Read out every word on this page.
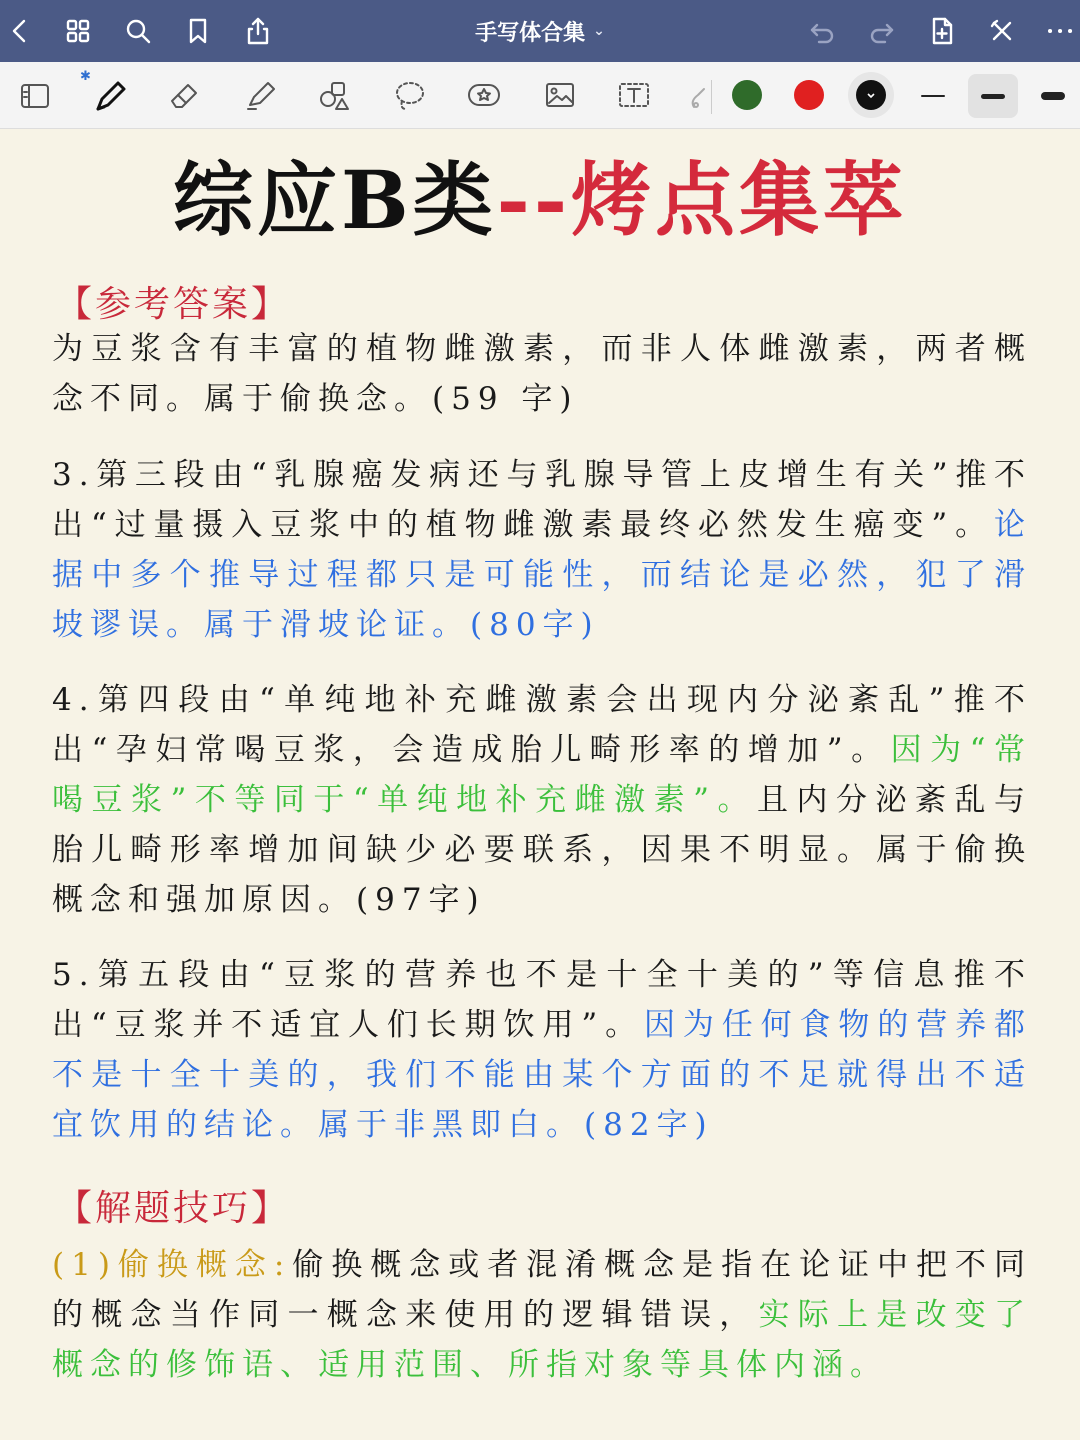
手写体合集 ⌄
✱
综应B类--烤点集萃
【参考答案】
为豆浆含有丰富的植物雌激素，而非人体雌激素，两者概念不同。属于偷换念。(59 字)
3.第三段由“乳腺癌发病还与乳腺导管上皮增生有关”推不出“过量摄入豆浆中的植物雌激素最终必然发生癌变”。论据中多个推导过程都只是可能性，而结论是必然，犯了滑坡谬误。属于滑坡论证。(80字)
4.第四段由“单纯地补充雌激素会出现内分泌紊乱”推不出“孕妇常喝豆浆，会造成胎儿畸形率的增加”。因为“常喝豆浆”不等同于“单纯地补充雌激素”。且内分泌紊乱与胎儿畸形率增加间缺少必要联系，因果不明显。属于偷换概念和强加原因。(97字)
5.第五段由“豆浆的营养也不是十全十美的”等信息推不出“豆浆并不适宜人们长期饮用”。因为任何食物的营养都不是十全十美的，我们不能由某个方面的不足就得出不适宜饮用的结论。属于非黑即白。(82字)
【解题技巧】
(1)偷换概念:偷换概念或者混淆概念是指在论证中把不同的概念当作同一概念来使用的逻辑错误，实际上是改变了概念的修饰语、适用范围、所指对象等具体内涵。
